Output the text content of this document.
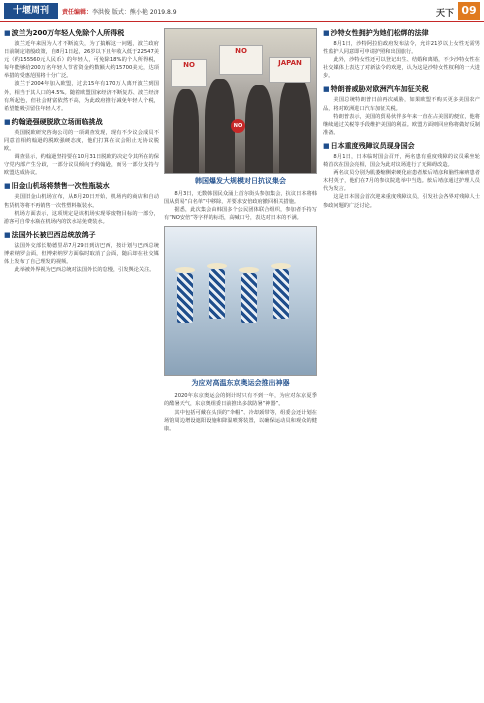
十堰周刊	责任编辑：李洪俊 版式：熊小艳 2019.8.9	天下 09
■ 波兰为200万年轻人免除个人所得税

波兰近年来因为人才不断流失，为了搞解这一问题，波兰政府日前制定诸般政策，自8月1日起，26岁以下且年收入低于22547美元（约155560元人民币）的年轻人，可免除18%的个人所得税，每年能够给200万名年轻人节省资金约数额大约15700美元，达项举措的受惠范围将十分广泛。

波兰于2004年加入欧盟，过去15年有170万人离开波兰到国外，相当于其人口的4.5%。随着欧盟国家经济不断复苏、波兰经济有所起色，但社会财富依然不高，为此政府推行减免年轻人个税，希望能吸引留住年轻人才。

■ 约翰逊强硬脱欧立场面临挑战

英国脱欧研究咨询公司的一项调查发现，现有不少议会成员不同意首相约翰逊的脱欧强硬态度，他们打算在议会阻止无协议脱欧。

调查显示，约翰逊坚持要在10月31日脱欧的决定令其所在的保守党内部产生分歧，一部分议员倾向于约翰逊，而另一部分支持与欧盟达成协议。

■ 旧金山机场将禁售一次性瓶装水

美国旧金山机场宣布，从8月20日开始，机场内的商店和自动售货机等将不再销售一次性塑料瓶装水。

机场方面表示，这项规定是该机场实现零废物目标的一部分，游客可自带水瓶在机场内的饮水站免费装水。

■ 法国外长被巴西总统放鸽子

法国外交部长勒德里昂7月29日到访巴西，按计划与巴西总统博索纳罗会面，但博索纳罗方面临时取消了会面，随后却在社交媒体上发布了自己理发的视频。

此举被外界视为巴西总统对法国外长的怠慢，引发舆论关注。

NO
NO
JAPAN
NO
韩国爆发大规模对日抗议集会

8月3日，无数韩国民众涌上首尔街头参加集会，抗议日本将韩国从贸易“白名单”中移除，并要求安倍政府撤回相关措施。

据悉，此次集会由韩国多个公民团体联合组织，参加者手持写有“NO安倍”等字样的标语，高喊口号，表达对日本的不满。

为应对高温东京奥运会推出神器

2020年东京奥运会的倒计时只有不到一年，为应对东京夏季的酷暑天气，东京奥组委日前推出多款防暑“神器”。

其中包括可戴在头顶的“伞帽”、冷却颈带等，组委会还计划在场馆周边增设遮阳设施和降温喷雾装置，以确保运动员和观众的健康。

■ 沙特女性拥护为她们松绑的法律

8月1日，沙特阿拉伯政府发布法令，允许21岁以上女性无需男性监护人同意即可申请护照和出国旅行。

此外，沙特女性还可以登记出生、结婚和离婚，不少沙特女性在社交媒体上表达了对新法令的欢迎，认为这是沙特女性权利的一大进步。

■ 特朗普威胁对欧洲汽车加征关税

美国总统特朗普日前再次威胁，如果欧盟不购买更多美国农产品，将对欧洲进口汽车加征关税。

特朗普表示，美国的贸易伙伴多年来一直在占美国的便宜，他将继续通过关税等手段维护美国的利益。欧盟方面则回应称将做好反制准备。

■ 日本重度残障议员现身国会

8月1日，日本临时国会召开，两名患有重度残障的议员乘坐轮椅首次在国会亮相，国会为此对议场进行了无障碍改造。

两名议员分别为肌萎缩侧索硬化症患者舩后靖彦和脑性麻痹患者木村英子，他们在7月的参议院选举中当选。舩后靖彦通过护理人员代为发言。

这是日本国会首次迎来重度残障议员，引发社会各界对残障人士参政问题的广泛讨论。
